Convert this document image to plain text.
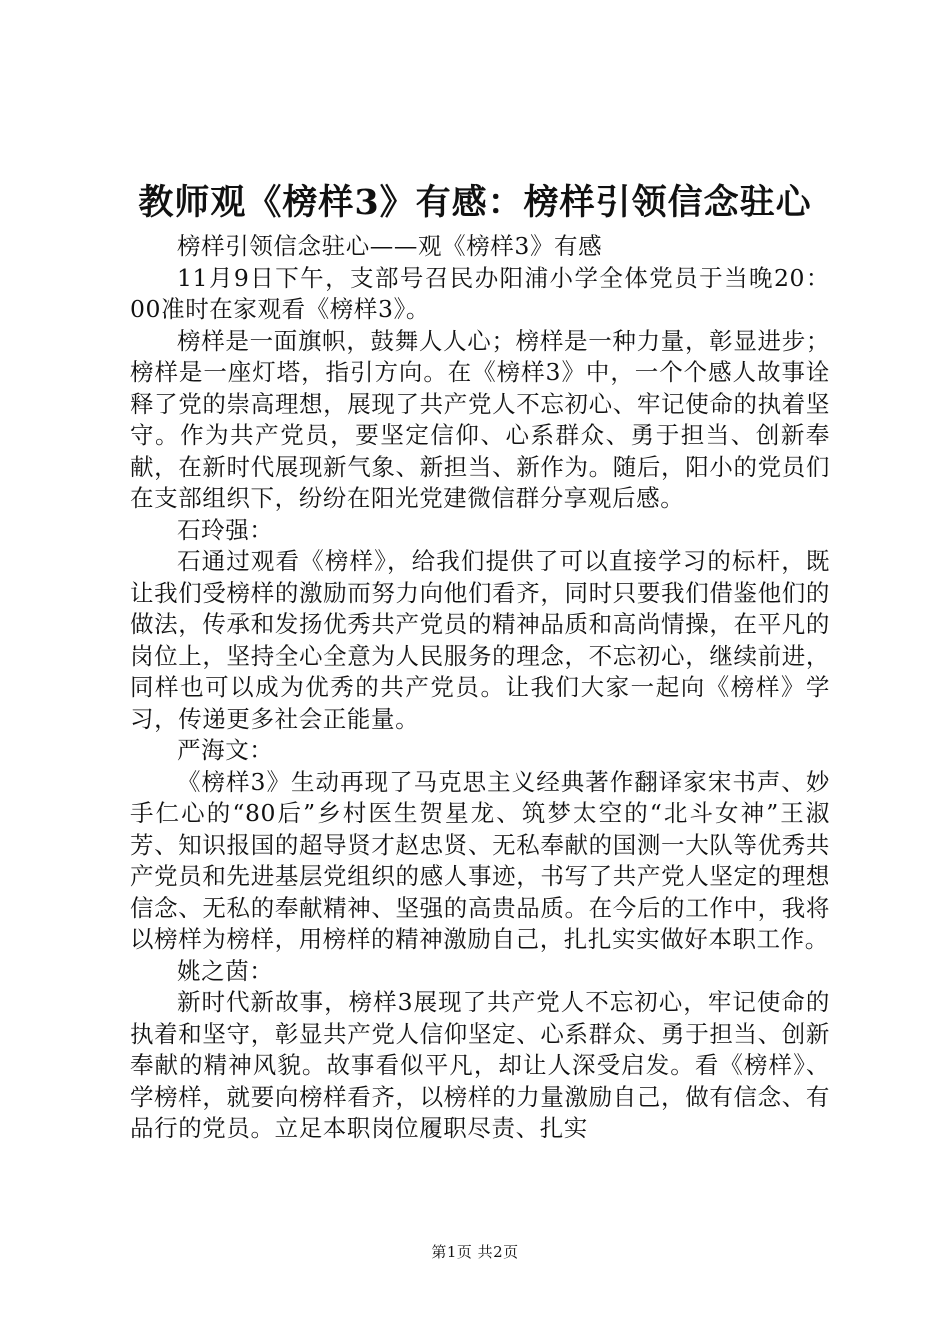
教师观《榜样3》有感：榜样引领信念驻心

榜样引领信念驻心——观《榜样3》有感

11月9日下午，支部号召民办阳浦小学全体党员于当晚20：00准时在家观看《榜样3》。

榜样是一面旗帜，鼓舞人人心；榜样是一种力量，彰显进步；榜样是一座灯塔，指引方向。在《榜样3》中，一个个感人故事诠释了党的崇高理想，展现了共产党人不忘初心、牢记使命的执着坚守。作为共产党员，要坚定信仰、心系群众、勇于担当、创新奉献，在新时代展现新气象、新担当、新作为。随后，阳小的党员们在支部组织下，纷纷在阳光党建微信群分享观后感。

石玲强：

石通过观看《榜样》，给我们提供了可以直接学习的标杆，既让我们受榜样的激励而努力向他们看齐，同时只要我们借鉴他们的做法，传承和发扬优秀共产党员的精神品质和高尚情操，在平凡的岗位上，坚持全心全意为人民服务的理念，不忘初心，继续前进，同样也可以成为优秀的共产党员。让我们大家一起向《榜样》学习，传递更多社会正能量。

严海文：

《榜样3》生动再现了马克思主义经典著作翻译家宋书声、妙手仁心的“80后”乡村医生贺星龙、筑梦太空的“北斗女神”王淑芳、知识报国的超导贤才赵忠贤、无私奉献的国测一大队等优秀共产党员和先进基层党组织的感人事迹，书写了共产党人坚定的理想信念、无私的奉献精神、坚强的高贵品质。在今后的工作中，我将以榜样为榜样，用榜样的精神激励自己，扎扎实实做好本职工作。

姚之茵：

新时代新故事，榜样3展现了共产党人不忘初心，牢记使命的执着和坚守，彰显共产党人信仰坚定、心系群众、勇于担当、创新奉献的精神风貌。故事看似平凡，却让人深受启发。看《榜样》、学榜样，就要向榜样看齐，以榜样的力量激励自己，做有信念、有品行的党员。立足本职岗位履职尽责、扎实

第1页 共2页
